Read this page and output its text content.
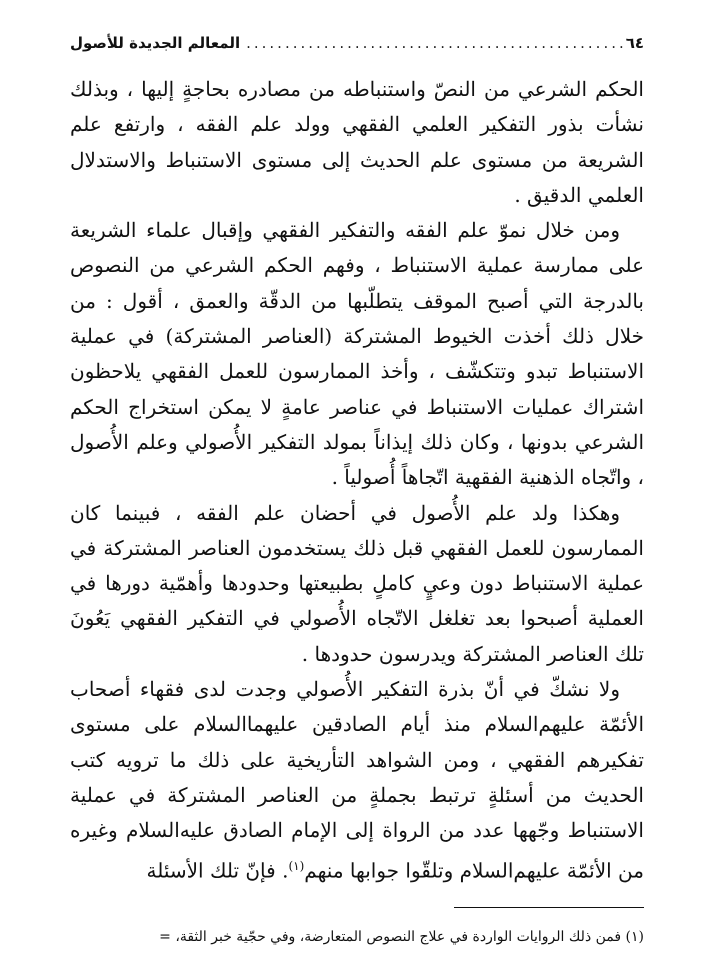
المعالم الجديدة للأصول
.....	٦٤

الحكم الشرعي من النصّ واستنباطه من مصادره بحاجةٍ إليها ، وبذلك نشأت بذور التفكير العلمي الفقهي وولد علم الفقه ، وارتفع علم الشريعة من مستوى علم الحديث إلى مستوى الاستنباط والاستدلال العلمي الدقيق .

ومن خلال نموّ علم الفقه والتفكير الفقهي وإقبال علماء الشريعة على ممارسة عملية الاستنباط ، وفهم الحكم الشرعي من النصوص بالدرجة التي أصبح الموقف يتطلّبها من الدقّة والعمق ، أقول : من خلال ذلك أخذت الخيوط المشتركة (العناصر المشتركة) في عملية الاستنباط تبدو وتتكشّف ، وأخذ الممارسون للعمل الفقهي يلاحظون اشتراك عمليات الاستنباط في عناصر عامةٍ لا يمكن استخراج الحكم الشرعي بدونها ، وكان ذلك إيذاناً بمولد التفكير الأُصولي وعلم الأُصول ، واتّجاه الذهنية الفقهية اتّجاهاً أُصولياً .

وهكذا ولد علم الأُصول في أحضان علم الفقه ، فبينما كان الممارسون للعمل الفقهي قبل ذلك يستخدمون العناصر المشتركة في عملية الاستنباط دون وعيٍ كاملٍ بطبيعتها وحدودها وأهمّية دورها في العملية أصبحوا بعد تغلغل الاتّجاه الأُصولي في التفكير الفقهي يَعُونَ تلك العناصر المشتركة ويدرسون حدودها .

ولا نشكّ في أنّ بذرة التفكير الأُصولي وجدت لدى فقهاء أصحاب الأئمّة عليهم‌السلام منذ أيام الصادقين عليهما‌السلام على مستوى تفكيرهم الفقهي ، ومن الشواهد التأريخية على ذلك ما ترويه كتب الحديث من أسئلةٍ ترتبط بجملةٍ من العناصر المشتركة في عملية الاستنباط وجّهها عدد من الرواة إلى الإمام الصادق عليه‌السلام وغيره من الأئمّة عليهم‌السلام وتلقّوا جوابها منهم$^{(١)}$. فإنّ تلك الأسئلة

(١) فمن ذلك الروايات الواردة في علاج النصوص المتعارضة، وفي حجّية خبر الثقة، =
